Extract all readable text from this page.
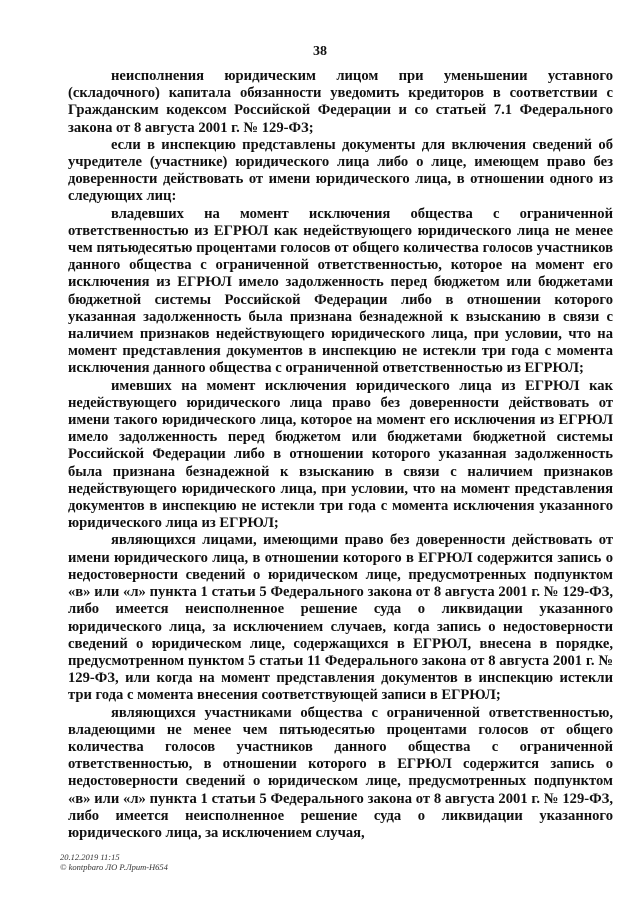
38

неисполнения юридическим лицом при уменьшении уставного (складочного) капитала обязанности уведомить кредиторов в соответствии с Гражданским кодексом Российской Федерации и со статьей 7.1 Федерального закона от 8 августа 2001 г. № 129-ФЗ;

если в инспекцию представлены документы для включения сведений об учредителе (участнике) юридического лица либо о лице, имеющем право без доверенности действовать от имени юридического лица, в отношении одного из следующих лиц:

владевших на момент исключения общества с ограниченной ответственностью из ЕГРЮЛ как недействующего юридического лица не менее чем пятьюдесятью процентами голосов от общего количества голосов участников данного общества с ограниченной ответственностью, которое на момент его исключения из ЕГРЮЛ имело задолженность перед бюджетом или бюджетами бюджетной системы Российской Федерации либо в отношении которого указанная задолженность была признана безнадежной к взысканию в связи с наличием признаков недействующего юридического лица, при условии, что на момент представления документов в инспекцию не истекли три года с момента исключения данного общества с ограниченной ответственностью из ЕГРЮЛ;

имевших на момент исключения юридического лица из ЕГРЮЛ как недействующего юридического лица право без доверенности действовать от имени такого юридического лица, которое на момент его исключения из ЕГРЮЛ имело задолженность перед бюджетом или бюджетами бюджетной системы Российской Федерации либо в отношении которого указанная задолженность была признана безнадежной к взысканию в связи с наличием признаков недействующего юридического лица, при условии, что на момент представления документов в инспекцию не истекли три года с момента исключения указанного юридического лица из ЕГРЮЛ;

являющихся лицами, имеющими право без доверенности действовать от имени юридического лица, в отношении которого в ЕГРЮЛ содержится запись о недостоверности сведений о юридическом лице, предусмотренных подпунктом «в» или «л» пункта 1 статьи 5 Федерального закона от 8 августа 2001 г. № 129-ФЗ, либо имеется неисполненное решение суда о ликвидации указанного юридического лица, за исключением случаев, когда запись о недостоверности сведений о юридическом лице, содержащихся в ЕГРЮЛ, внесена в порядке, предусмотренном пунктом 5 статьи 11 Федерального закона от 8 августа 2001 г. № 129-ФЗ, или когда на момент представления документов в инспекцию истекли три года с момента внесения соответствующей записи в ЕГРЮЛ;

являющихся участниками общества с ограниченной ответственностью, владеющими не менее чем пятьюдесятью процентами голосов от общего количества голосов участников данного общества с ограниченной ответственностью, в отношении которого в ЕГРЮЛ содержится запись о недостоверности сведений о юридическом лице, предусмотренных подпунктом «в» или «л» пункта 1 статьи 5 Федерального закона от 8 августа 2001 г. № 129-ФЗ, либо имеется неисполненное решение суда о ликвидации указанного юридического лица, за исключением случая,

20.12.2019 11:15
© kontpbaro ЛО Р.Лрит-Н654
